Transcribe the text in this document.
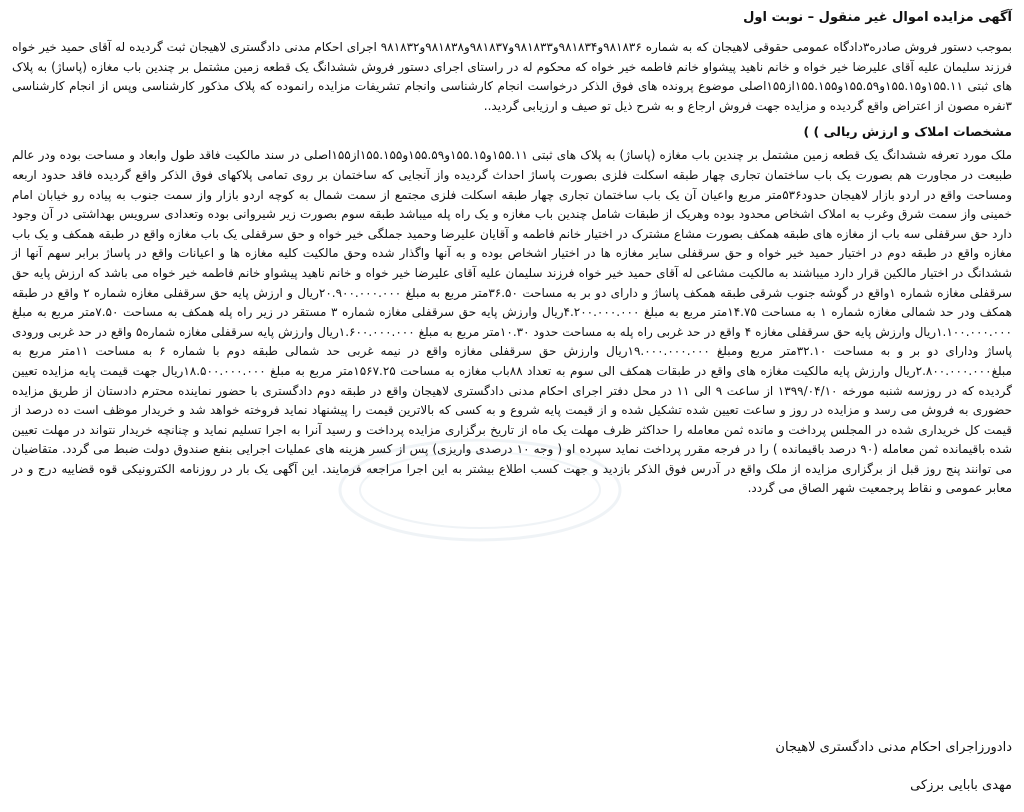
آگهی مزایده اموال غیر منقول – نوبت اول

بموجب دستور فروش صادره۳دادگاه عمومی حقوقی لاهیجان که به شماره ۹۸۱۸۳۶و۹۸۱۸۳۴و۹۸۱۸۳۳و۹۸۱۸۳۷و۹۸۱۸۳۸و۹۸۱۸۳۲ اجرای احکام مدنی دادگستری لاهیجان ثبت گردیده له آقای حمید خیر خواه فرزند سلیمان علیه آقای علیرضا خیر خواه و خانم ناهید پیشواو خانم فاطمه خیر خواه که محکوم له در راستای اجرای دستور فروش ششدانگ یک قطعه زمین مشتمل بر چندین باب مغازه (پاساژ) به پلاک های ثبتی ۱۵۵.۱۱و۱۵۵.۱۵و۱۵۵.۵۹و۱۵۵.۱۵۵از۱۵۵اصلی موضوع پرونده های فوق الذکر درخواست انجام کارشناسی وانجام تشریفات مزایده رانموده که پلاک مذکور کارشناسی وپس از انجام کارشناسی ۳نفره مصون از اعتراض واقع گردیده و مزایده جهت فروش ارجاع و به شرح ذیل تو صیف و ارزیابی گردید..

مشخصات املاک و ارزش ریالی ) )

ملک مورد تعرفه ششدانگ یک قطعه زمین مشتمل بر چندین باب مغازه (پاساژ) به پلاک های ثبتی ۱۵۵.۱۱و۱۵۵.۱۵و۱۵۵.۵۹و۱۵۵.۱۵۵از۱۵۵اصلی در سند مالکیت فاقد طول وابعاد و مساحت بوده ودر عالم طبیعت در مجاورت هم بصورت یک باب ساختمان تجاری چهار طبقه اسکلت فلزی بصورت پاساژ احداث گردیده واز آنجایی که ساختمان بر روی تمامی پلاکهای فوق الذکر واقع گردیده فاقد حدود اربعه ومساحت واقع در اردو بازار لاهیجان حدود۵۳۶متر مربع واعیان آن یک باب ساختمان تجاری چهار طبقه اسکلت فلزی مجتمع از سمت شمال به کوچه اردو بازار واز سمت جنوب به پیاده رو خیابان امام خمینی واز سمت شرق وغرب به املاک اشخاص محدود بوده وهریک از طبقات شامل چندین باب مغازه و یک راه پله میباشد طبقه سوم بصورت زیر شیروانی بوده وتعدادی سرویس بهداشتی در آن وجود دارد حق سرقفلی سه باب از مغازه های طبقه همکف بصورت مشاع مشترک در اختیار خانم فاطمه و آقایان علیرضا وحمید جملگی خیر خواه و حق سرقفلی یک باب مغازه واقع در طبقه همکف و یک باب مغازه واقع در طبقه دوم در اختیار حمید خیر خواه و حق سرقفلی سایر مغازه ها در اختیار اشخاص بوده و به آنها واگذار شده وحق مالکیت کلیه مغازه ها و اعیانات واقع در پاساژ برابر سهم آنها از ششدانگ در اختیار مالکین قرار دارد میباشند به مالکیت مشاعی له آقای حمید خیر خواه فرزند سلیمان علیه آقای علیرضا خیر خواه و خانم ناهید پیشواو خانم فاطمه خیر خواه می باشد که ارزش پایه حق سرقفلی مغازه شماره ۱واقع در گوشه جنوب شرقی طبقه همکف پاساژ و دارای دو بر به مساحت ۳۶.۵۰متر مربع به مبلغ ۲۰.۹۰۰.۰۰۰.۰۰۰ریال و ارزش پایه حق سرقفلی مغازه شماره ۲ واقع در طبقه همکف ودر حد شمالی مغازه شماره ۱ به مساحت ۱۴.۷۵متر مربع به مبلغ ۴.۲۰۰.۰۰۰.۰۰۰ریال وارزش پایه حق سرقفلی مغازه شماره ۳ مستقر در زیر راه پله همکف به مساحت ۷.۵۰متر مربع به مبلغ ۱.۱۰۰.۰۰۰.۰۰۰ریال وارزش پایه حق سرقفلی مغازه ۴ واقع در حد غربی راه پله به مساحت حدود ۱۰.۳۰متر مربع به مبلغ ۱.۶۰۰.۰۰۰.۰۰۰ریال وارزش پایه سرقفلی مغازه شماره۵ واقع در حد غربی ورودی پاساژ ودارای دو بر و به مساحت ۳۲.۱۰متر مربع ومبلغ ۱۹.۰۰۰.۰۰۰.۰۰۰ریال وارزش حق سرقفلی مغازه واقع در نیمه غربی حد شمالی طبقه دوم با شماره ۶ به مساحت ۱۱متر مربع به مبلغ۲.۸۰۰.۰۰۰.۰۰۰ریال وارزش پایه مالکیت مغازه های واقع در طبقات همکف الی سوم به تعداد ۸۸باب مغازه به مساحت ۱۵۶۷.۲۵متر مربع به مبلغ ۱۸.۵۰۰.۰۰۰.۰۰۰ریال جهت قیمت پایه مزایده تعیین گردیده که در روزسه شنبه مورخه ۱۳۹۹/۰۴/۱۰ از ساعت ۹ الی ۱۱ در محل دفتر اجرای احکام مدنی دادگستری لاهیجان واقع در طبقه دوم دادگستری با حضور نماینده محترم دادستان از طریق مزایده حضوری به فروش می رسد و مزایده در روز و ساعت تعیین شده تشکیل شده و از قیمت پایه شروع و به کسی که بالاترین قیمت را پیشنهاد نماید فروخته خواهد شد و خریدار موظف است ده درصد از قیمت کل خریداری شده در المجلس پرداخت و مانده ثمن معامله را حداکثر ظرف مهلت یک ماه از تاریخ برگزاری مزایده پرداخت و رسید آنرا به اجرا تسلیم نماید و چنانچه خریدار نتواند در مهلت تعیین شده باقیمانده ثمن معامله (۹۰ درصد باقیمانده ) را در فرجه مقرر پرداخت نماید سپرده او ( وجه ۱۰ درصدی واریزی) پس از کسر هزینه های عملیات اجرایی بنفع صندوق دولت ضبط می گردد. متقاضیان می توانند پنج روز قبل از برگزاری مزایده از ملک واقع در آدرس فوق الذکر بازدید و جهت کسب اطلاع بیشتر به این اجرا مراجعه فرمایند. این آگهی یک بار در روزنامه الکترونیکی قوه قضاییه درج و در معابر عمومی و نقاط پرجمعیت شهر الصاق می گردد.

دادورزاجرای احکام مدنی دادگستری لاهیجان
مهدی بابایی برزکی
